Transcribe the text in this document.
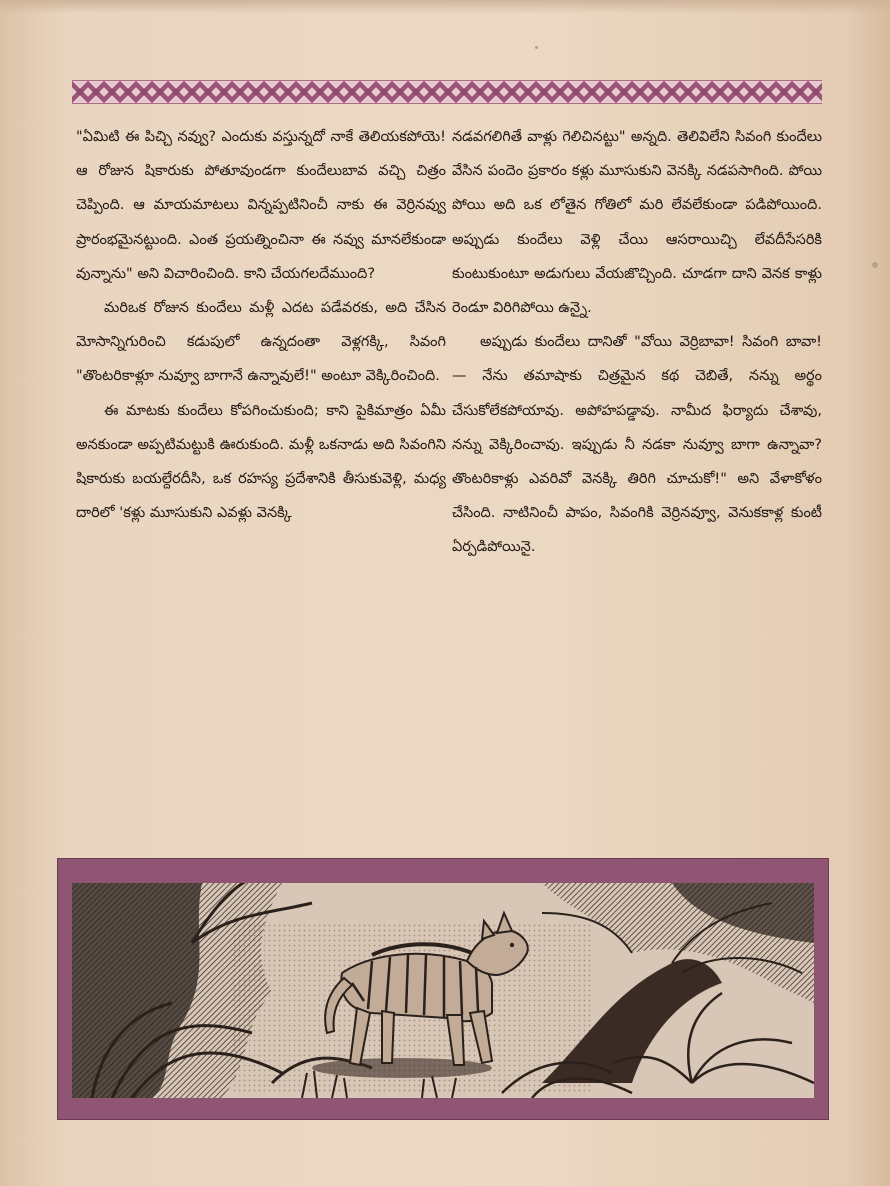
"ఏమిటి ఈ పిచ్చి నవ్వు? ఎందుకు వస్తున్నదో నాకే తెలియకపోయె! ఆ రోజున షికారుకు పోతూవుండగా కుందేలుబావ వచ్చి చిత్రం చెప్పింది. ఆ మాయమాటలు విన్నప్పటినించీ నాకు ఈ వెర్రినవ్వు ప్రారంభమైనట్టుంది. ఎంత ప్రయత్నించినా ఈ నవ్వు మానలేకుండా వున్నాను" అని విచారించింది. కాని చేయగలదేముంది?

మరిఒక రోజున కుందేలు మళ్లీ ఎదట పడేవరకు, అది చేసిన మోసాన్నిగురించి కడుపులో ఉన్నదంతా వెళ్లగక్కి, సివంగి "తొంటరికాళ్లూ నువ్వూ బాగానే ఉన్నావులే!" అంటూ వెక్కిరించింది.

ఈ మాటకు కుందేలు కోపగించుకుంది; కాని పైకిమాత్రం ఏమీ అనకుండా అప్పటిమట్టుకి ఊరుకుంది. మళ్లీ ఒకనాడు అది సివంగిని షికారుకు బయల్దేరదీసి, ఒక రహస్య ప్రదేశానికి తీసుకువెళ్లి, మధ్య దారిలో 'కళ్లు మూసుకుని ఎవళ్లు వెనక్కి

నడవగలిగితే వాళ్లు గెలిచినట్టు" అన్నది. తెలివిలేని సివంగి కుందేలు వేసిన పందెం ప్రకారం కళ్లు మూసుకుని వెనక్కి నడపసాగింది. పోయి పోయి అది ఒక లోతైన గోతిలో మరి లేవలేకుండా పడిపోయింది. అప్పుడు కుందేలు వెళ్లి చేయి ఆసరాయిచ్చి లేవదీసేసరికి కుంటుకుంటూ అడుగులు వేయజొచ్చింది. చూడగా దాని వెనక కాళ్లు రెండూ విరిగిపోయి ఉన్నై.

అప్పుడు కుందేలు దానితో "వోయి వెర్రిబావా! సివంగి బావా! — నేను తమాషాకు చిత్రమైన కథ చెబితే, నన్ను అర్థం చేసుకోలేకపోయావు. అపోహపడ్డావు. నామీద ఫిర్యాదు చేశావు, నన్ను వెక్కిరించావు. ఇప్పుడు నీ నడకా నువ్వూ బాగా ఉన్నావా? తొంటరికాళ్లు ఎవరివో వెనక్కి తిరిగి చూచుకో!" అని వేళాకోళం చేసింది. నాటినించీ పాపం, సివంగికి వెర్రినవ్వూ, వెనుకకాళ్ల కుంటీ ఏర్పడిపోయినై.
